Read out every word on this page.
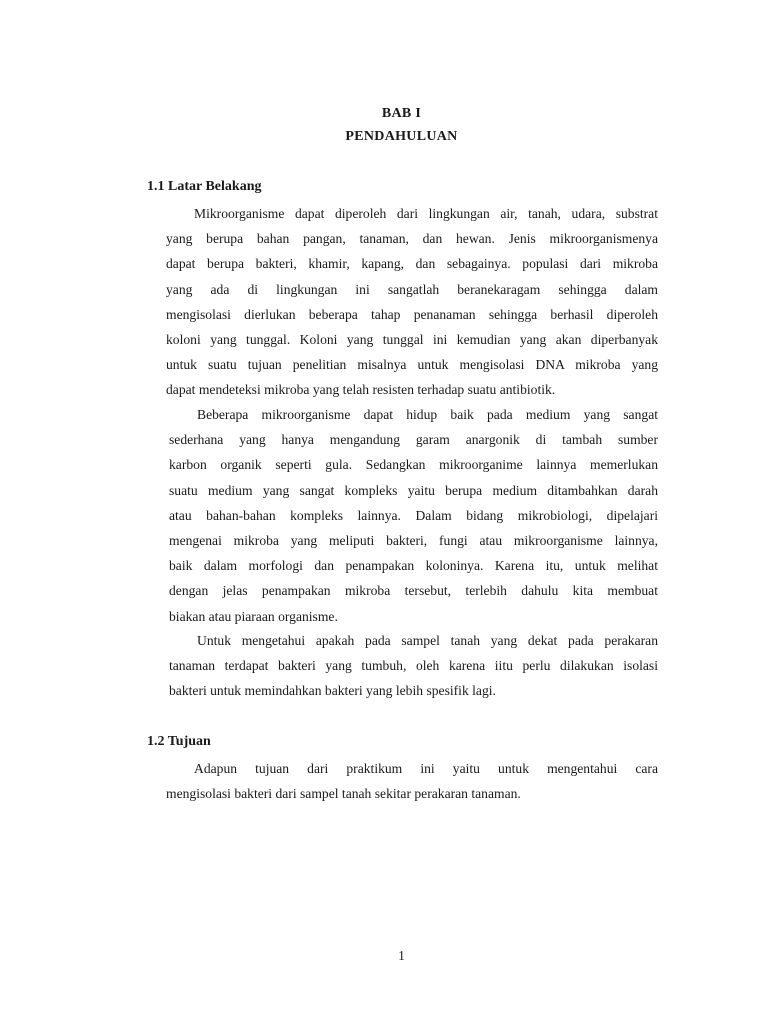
BAB I
PENDAHULUAN
1.1 Latar Belakang
Mikroorganisme dapat diperoleh dari lingkungan air, tanah, udara, substrat
yang berupa bahan pangan, tanaman, dan hewan. Jenis mikroorganismenya
dapat berupa bakteri, khamir, kapang, dan sebagainya. populasi dari mikroba
yang ada di lingkungan ini sangatlah beranekaragam sehingga dalam
mengisolasi dierlukan beberapa tahap penanaman sehingga berhasil diperoleh
koloni yang tunggal. Koloni yang tunggal ini kemudian yang akan diperbanyak
untuk suatu tujuan penelitian misalnya untuk mengisolasi DNA mikroba yang
dapat mendeteksi mikroba yang telah resisten terhadap suatu antibiotik.
Beberapa mikroorganisme dapat hidup baik pada medium yang sangat
sederhana yang hanya mengandung garam anargonik di tambah sumber
karbon organik seperti gula. Sedangkan mikroorganime lainnya memerlukan
suatu medium yang sangat kompleks yaitu berupa medium ditambahkan darah
atau bahan-bahan kompleks lainnya. Dalam bidang mikrobiologi, dipelajari
mengenai mikroba yang meliputi bakteri, fungi atau mikroorganisme lainnya,
baik dalam morfologi dan penampakan koloninya. Karena itu, untuk melihat
dengan jelas penampakan mikroba tersebut, terlebih dahulu kita membuat
biakan atau piaraan organisme.
Untuk mengetahui apakah pada sampel tanah yang dekat pada perakaran
tanaman terdapat bakteri yang tumbuh, oleh karena iitu perlu dilakukan isolasi
bakteri untuk memindahkan bakteri yang lebih spesifik lagi.
1.2 Tujuan
Adapun tujuan dari praktikum ini yaitu untuk mengentahui cara
mengisolasi bakteri dari sampel tanah sekitar perakaran tanaman.
1
